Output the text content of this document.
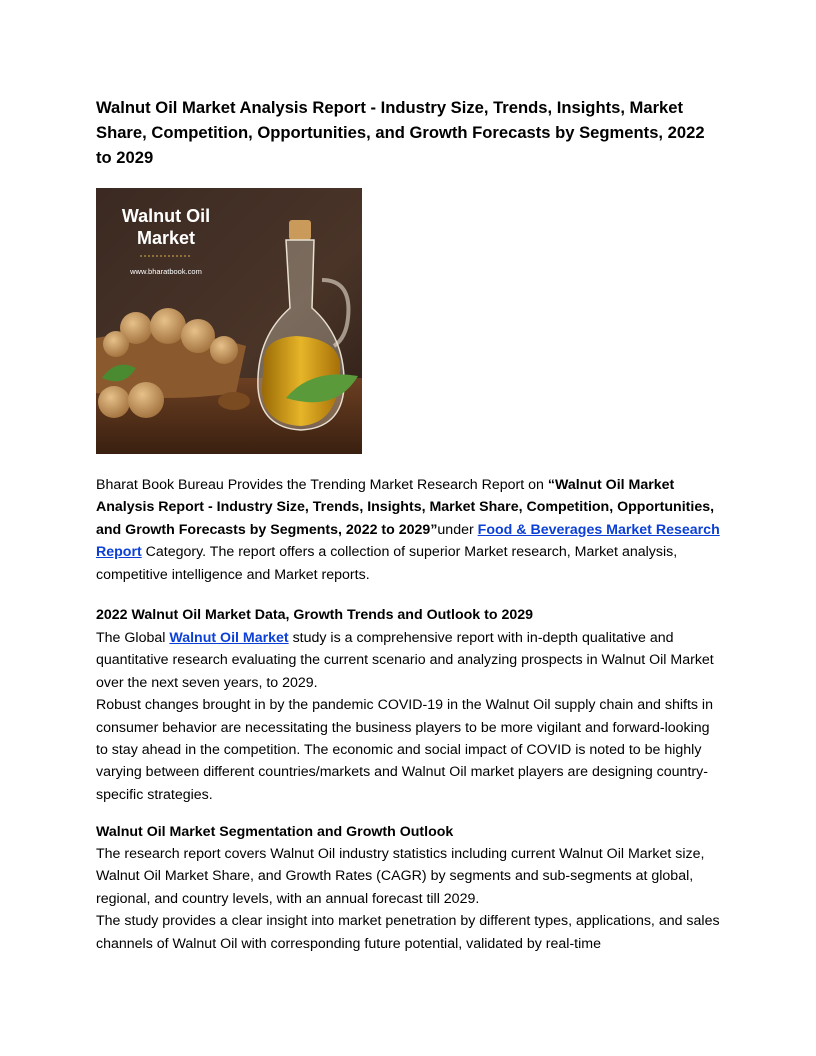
Walnut Oil Market Analysis Report - Industry Size, Trends, Insights, Market Share, Competition, Opportunities, and Growth Forecasts by Segments, 2022 to 2029
Walnut Oil
Market
www.bharatbook.com

Bharat Book Bureau Provides the Trending Market Research Report on “Walnut Oil Market Analysis Report - Industry Size, Trends, Insights, Market Share, Competition, Opportunities, and Growth Forecasts by Segments, 2022 to 2029”under Food & Beverages Market Research Report Category. The report offers a collection of superior Market research, Market analysis, competitive intelligence and Market reports.

2022 Walnut Oil Market Data, Growth Trends and Outlook to 2029

The Global Walnut Oil Market study is a comprehensive report with in-depth qualitative and quantitative research evaluating the current scenario and analyzing prospects in Walnut Oil Market over the next seven years, to 2029.

Robust changes brought in by the pandemic COVID-19 in the Walnut Oil supply chain and shifts in consumer behavior are necessitating the business players to be more vigilant and forward-looking to stay ahead in the competition. The economic and social impact of COVID is noted to be highly varying between different countries/markets and Walnut Oil market players are designing country-specific strategies.

Walnut Oil Market Segmentation and Growth Outlook

The research report covers Walnut Oil industry statistics including current Walnut Oil Market size, Walnut Oil Market Share, and Growth Rates (CAGR) by segments and sub-segments at global, regional, and country levels, with an annual forecast till 2029.

The study provides a clear insight into market penetration by different types, applications, and sales channels of Walnut Oil with corresponding future potential, validated by real-time
